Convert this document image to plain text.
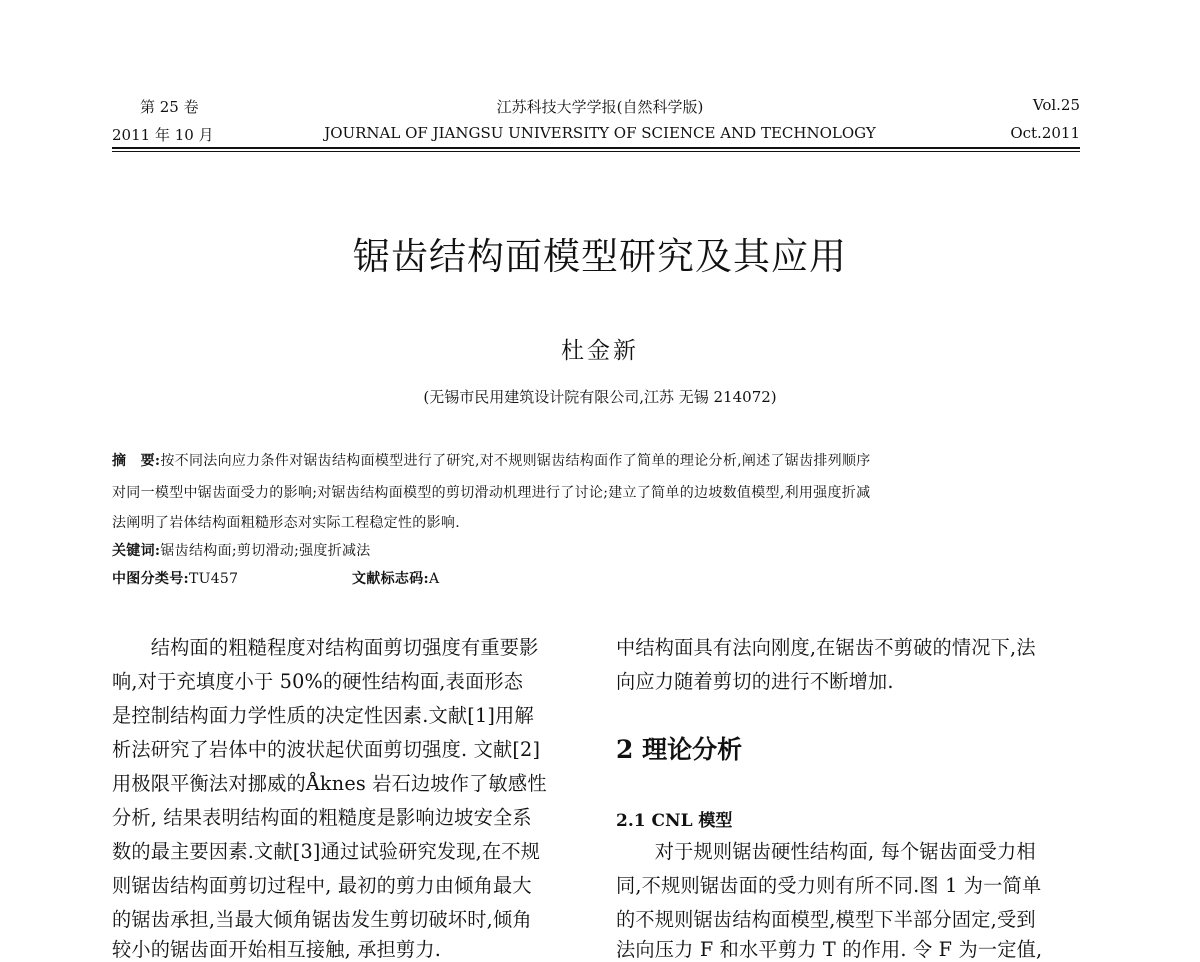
第 25 卷
2011 年 10 月
江苏科技大学学报(自然科学版)
JOURNAL OF JIANGSU UNIVERSITY OF SCIENCE AND TECHNOLOGY
Vol.25
Oct.2011
锯齿结构面模型研究及其应用
杜金新
(无锡市民用建筑设计院有限公司,江苏 无锡 214072)
摘　要:按不同法向应力条件对锯齿结构面模型进行了研究,对不规则锯齿结构面作了简单的理论分析,阐述了锯齿排列顺序
对同一模型中锯齿面受力的影响;对锯齿结构面模型的剪切滑动机理进行了讨论;建立了简单的边坡数值模型,利用强度折减
法阐明了岩体结构面粗糙形态对实际工程稳定性的影响.
关键词:锯齿结构面;剪切滑动;强度折减法
中图分类号:TU457	文献标志码:A
　　结构面的粗糙程度对结构面剪切强度有重要影
响,对于充填度小于 50%的硬性结构面,表面形态
是控制结构面力学性质的决定性因素.文献[1]用解
析法研究了岩体中的波状起伏面剪切强度. 文献[2]
用极限平衡法对挪威的Åknes 岩石边坡作了敏感性
分析, 结果表明结构面的粗糙度是影响边坡安全系
数的最主要因素.文献[3]通过试验研究发现,在不规
则锯齿结构面剪切过程中, 最初的剪力由倾角最大
的锯齿承担,当最大倾角锯齿发生剪切破坏时,倾角
较小的锯齿面开始相互接触, 承担剪力.
中结构面具有法向刚度,在锯齿不剪破的情况下,法
向应力随着剪切的进行不断增加.
2 理论分析
2.1 CNL 模型
　　对于规则锯齿硬性结构面, 每个锯齿面受力相
同,不规则锯齿面的受力则有所不同.图 1 为一简单
的不规则锯齿结构面模型,模型下半部分固定,受到
法向压力 F 和水平剪力 T 的作用. 令 F 为一定值,
